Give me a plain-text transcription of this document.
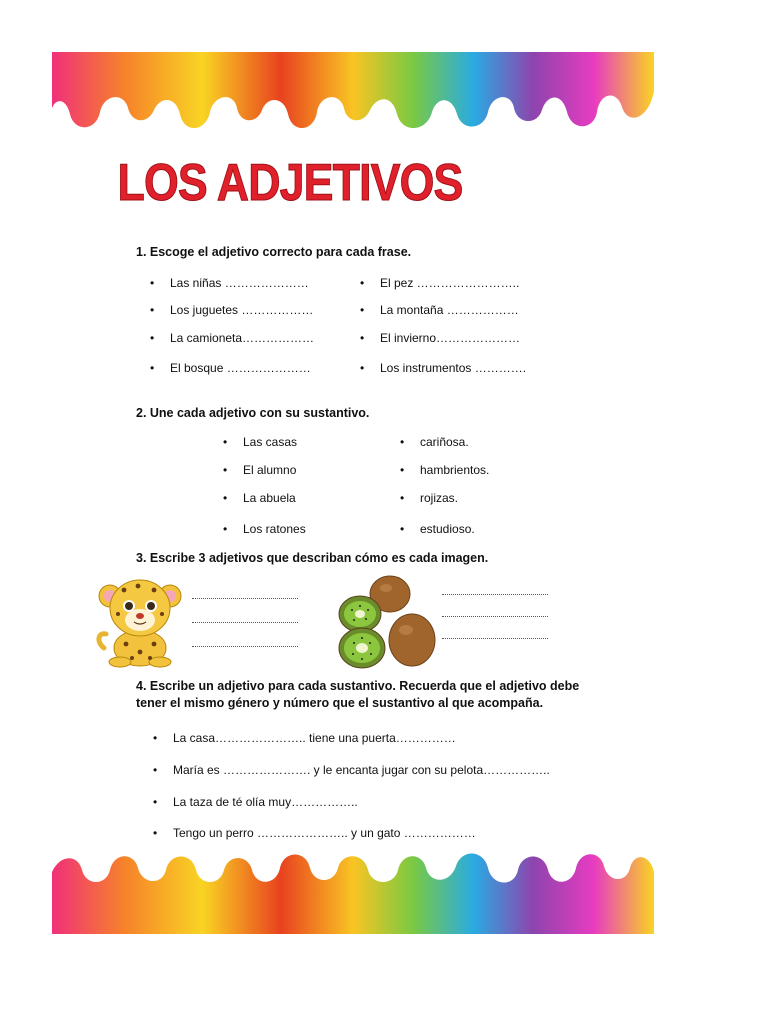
LOS ADJETIVOS

1. Escoge el adjetivo correcto para cada frase.

• Las niñas …………………
• Los juguetes ………………
• La camioneta………………
• El bosque …………………
• El pez ……………………..
• La montaña ………………
• El invierno…………………
• Los instrumentos ………….

2. Une cada adjetivo con su sustantivo.

• Las casas
• El alumno
• La abuela
• Los ratones
• cariñosa.
• hambrientos.
• rojizas.
• estudioso.

3. Escribe 3 adjetivos que describan cómo es cada imagen.

4. Escribe un adjetivo para cada sustantivo. Recuerda que el adjetivo debe

tener el mismo género y número que el sustantivo al que acompaña.

• La casa………………….. tiene una puerta……………
• María es …………………. y le encanta jugar con su pelota……………..
• La taza de té olía muy……………..
• Tengo un perro ………………….. y un gato ………………
